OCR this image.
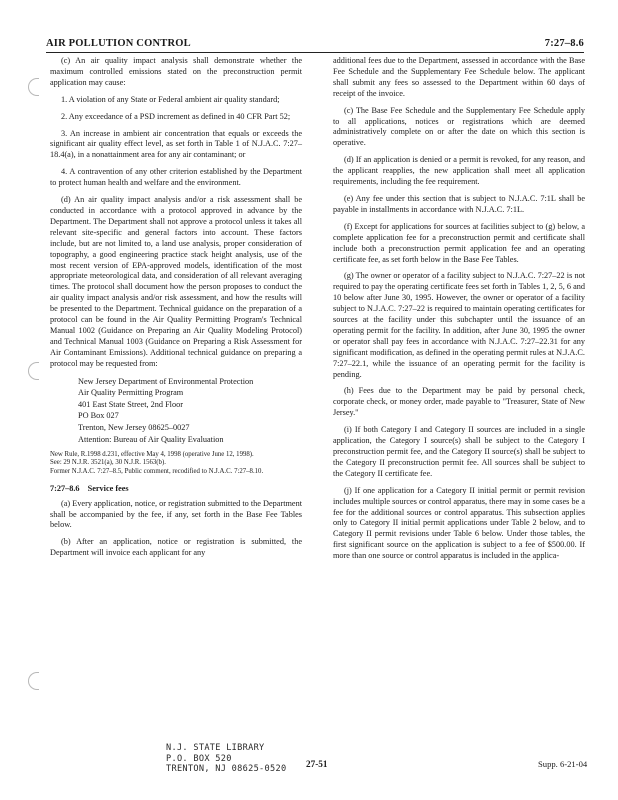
AIR POLLUTION CONTROL	7:27–8.6

(c) An air quality impact analysis shall demonstrate whether the maximum controlled emissions stated on the preconstruction permit application may cause:

1. A violation of any State or Federal ambient air quality standard;

2. Any exceedance of a PSD increment as defined in 40 CFR Part 52;

3. An increase in ambient air concentration that equals or exceeds the significant air quality effect level, as set forth in Table 1 of N.J.A.C. 7:27–18.4(a), in a nonattainment area for any air contaminant; or

4. A contravention of any other criterion established by the Department to protect human health and welfare and the environment.

(d) An air quality impact analysis and/or a risk assessment shall be conducted in accordance with a protocol approved in advance by the Department. The Department shall not approve a protocol unless it takes all relevant site-specific and general factors into account. These factors include, but are not limited to, a land use analysis, proper consideration of topography, a good engineering practice stack height analysis, use of the most recent version of EPA-approved models, identification of the most appropriate meteorological data, and consideration of all relevant averaging times. The protocol shall document how the person proposes to conduct the air quality impact analysis and/or risk assessment, and how the results will be presented to the Department. Technical guidance on the preparation of a protocol can be found in the Air Quality Permitting Program's Technical Manual 1002 (Guidance on Preparing an Air Quality Modeling Protocol) and Technical Manual 1003 (Guidance on Preparing a Risk Assessment for Air Contaminant Emissions). Additional technical guidance on preparing a protocol may be requested from:

New Jersey Department of Environmental Protection
Air Quality Permitting Program
401 East State Street, 2nd Floor
PO Box 027
Trenton, New Jersey 08625–0027
Attention: Bureau of Air Quality Evaluation
New Rule, R.1998 d.231, effective May 4, 1998 (operative June 12, 1998).
See: 29 N.J.R. 3521(a), 30 N.J.R. 1563(b).
Former N.J.A.C. 7:27–8.5, Public comment, recodified to N.J.A.C. 7:27–8.10.
7:27–8.6 Service fees

(a) Every application, notice, or registration submitted to the Department shall be accompanied by the fee, if any, set forth in the Base Fee Tables below.

(b) After an application, notice or registration is submitted, the Department will invoice each applicant for any

additional fees due to the Department, assessed in accordance with the Base Fee Schedule and the Supplementary Fee Schedule below. The applicant shall submit any fees so assessed to the Department within 60 days of receipt of the invoice.

(c) The Base Fee Schedule and the Supplementary Fee Schedule apply to all applications, notices or registrations which are deemed administratively complete on or after the date on which this section is operative.

(d) If an application is denied or a permit is revoked, for any reason, and the applicant reapplies, the new application shall meet all application requirements, including the fee requirement.

(e) Any fee under this section that is subject to N.J.A.C. 7:1L shall be payable in installments in accordance with N.J.A.C. 7:1L.

(f) Except for applications for sources at facilities subject to (g) below, a complete application fee for a preconstruction permit and certificate shall include both a preconstruction permit application fee and an operating certificate fee, as set forth below in the Base Fee Tables.

(g) The owner or operator of a facility subject to N.J.A.C. 7:27–22 is not required to pay the operating certificate fees set forth in Tables 1, 2, 5, 6 and 10 below after June 30, 1995. However, the owner or operator of a facility subject to N.J.A.C. 7:27–22 is required to maintain operating certificates for sources at the facility under this subchapter until the issuance of an operating permit for the facility. In addition, after June 30, 1995 the owner or operator shall pay fees in accordance with N.J.A.C. 7:27–22.31 for any significant modification, as defined in the operating permit rules at N.J.A.C. 7:27–22.1, while the issuance of an operating permit for the facility is pending.

(h) Fees due to the Department may be paid by personal check, corporate check, or money order, made payable to "Treasurer, State of New Jersey."

(i) If both Category I and Category II sources are included in a single application, the Category I source(s) shall be subject to the Category I preconstruction permit fee, and the Category II source(s) shall be subject to the Category II preconstruction permit fee. All sources shall be subject to the Category II certificate fee.

(j) If one application for a Category II initial permit or permit revision includes multiple sources or control apparatus, there may in some cases be a fee for the additional sources or control apparatus. This subsection applies only to Category II initial permit applications under Table 2 below, and to Category II permit revisions under Table 6 below. Under those tables, the first significant source on the application is subject to a fee of $500.00. If more than one source or control apparatus is included in the applica-

N.J. STATE LIBRARY
P.O. BOX 520
TRENTON, NJ 08625-0520
27-51	Supp. 6-21-04
